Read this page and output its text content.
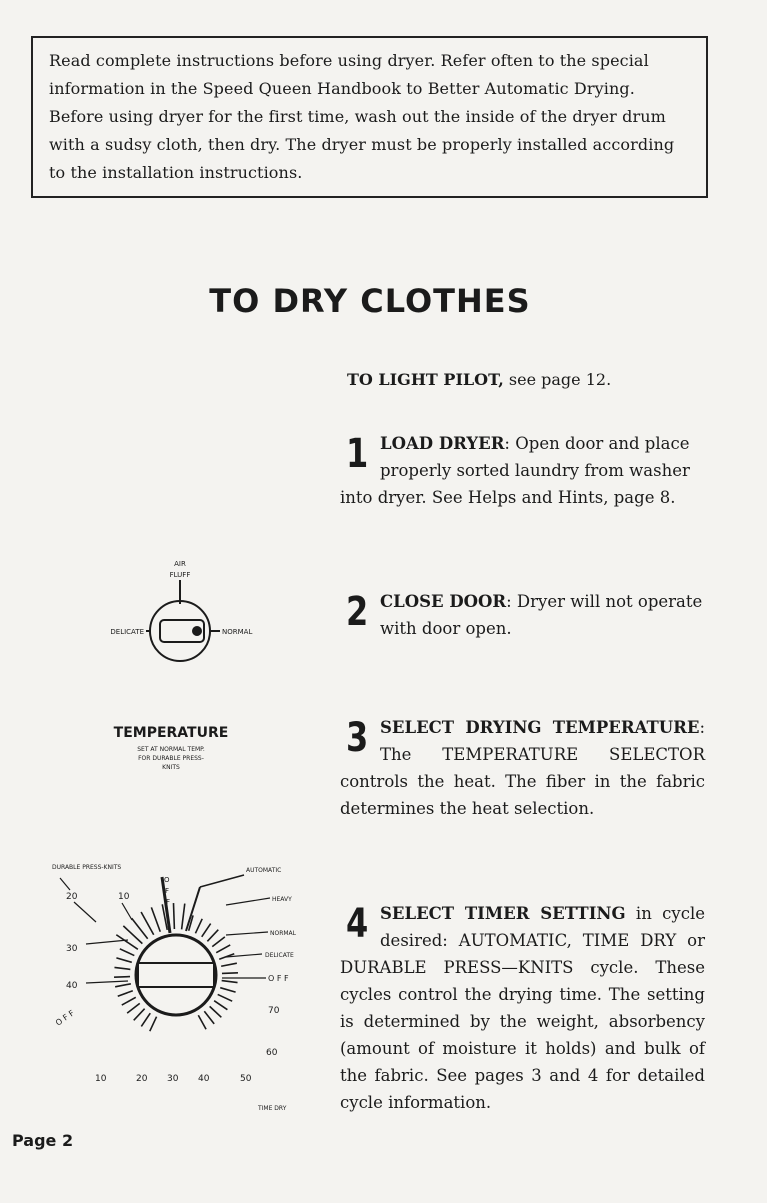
Read complete instructions before using dryer. Refer often to the special information in the Speed Queen Handbook to Better Automatic Drying. Before using dryer for the first time, wash out the inside of the dryer drum with a sudsy cloth, then dry. The dryer must be properly installed according to the installation instructions.
TO DRY CLOTHES
TO LIGHT PILOT, see page 12.
1 LOAD DRYER: Open door and place properly sorted laundry from washer into dryer. See Helps and Hints, page 8.
2 CLOSE DOOR: Dryer will not operate with door open.
3 SELECT DRYING TEMPERATURE: The TEMPERATURE SELECTOR controls the heat. The fiber in the fabric determines the heat selection.
4 SELECT TIMER SETTING in cycle desired: AUTOMATIC, TIME DRY or DURABLE PRESS—KNITS cycle. These cycles control the drying time. The setting is determined by the weight, absorbency (amount of moisture it holds) and bulk of the fabric. See pages 3 and 4 for detailed cycle information.
AIR
FLUFF
DELICATE	NORMAL
TEMPERATURE
SET AT NORMAL TEMP.
FOR DURABLE PRESS-
KNITS
DURABLE PRESS-KNITS	AUTOMATIC
20	10
O
F
F
30
40
O F F
HEAVY
NORMAL
DELICATE
O F F
70
60
10	20 30 40	50
TIME DRY
Page 2
